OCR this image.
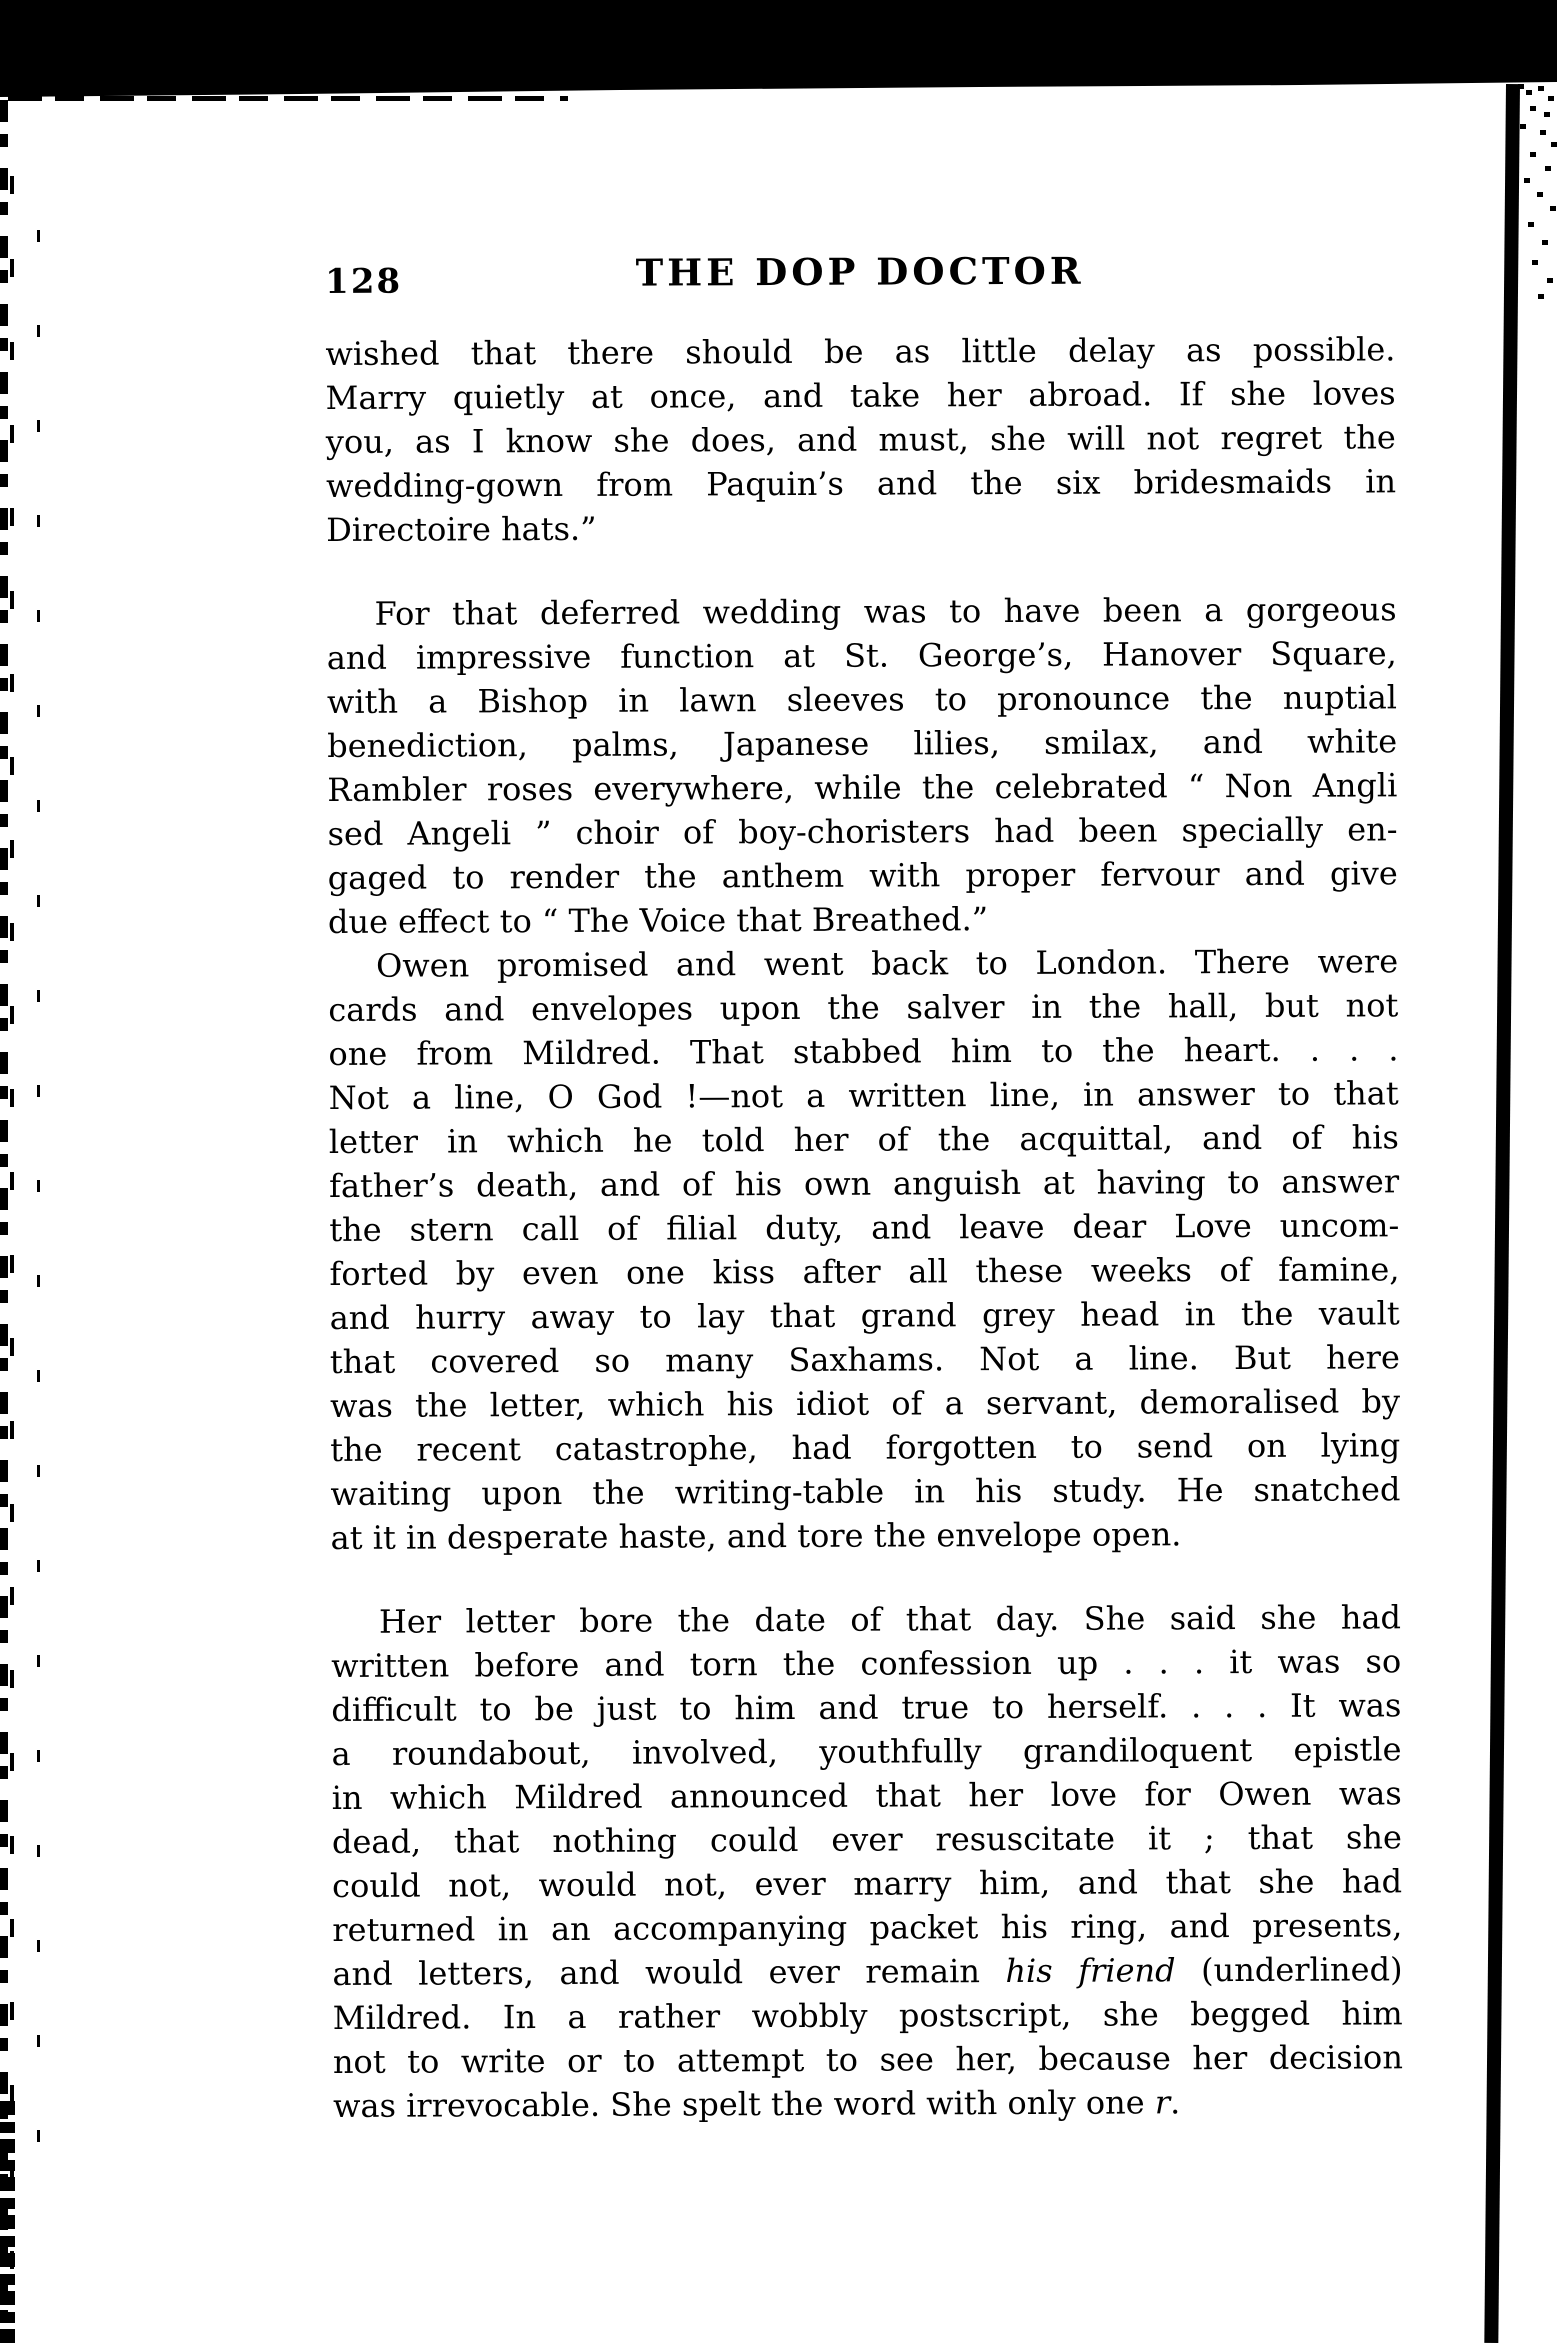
128	THE DOP DOCTOR
wished that there should be as little delay as possible.
Marry quietly at once, and take her abroad. If she loves
you, as I know she does, and must, she will not regret the
wedding-gown from Paquin’s and the six bridesmaids in
Directoire hats.”
For that deferred wedding was to have been a gorgeous
and impressive function at St. George’s, Hanover Square,
with a Bishop in lawn sleeves to pronounce the nuptial
benediction, palms, Japanese lilies, smilax, and white
Rambler roses everywhere, while the celebrated “ Non Angli
sed Angeli ” choir of boy-choristers had been specially en-
gaged to render the anthem with proper fervour and give
due effect to “ The Voice that Breathed.”
Owen promised and went back to London. There were
cards and envelopes upon the salver in the hall, but not
one from Mildred. That stabbed him to the heart. . . .
Not a line, O God !—not a written line, in answer to that
letter in which he told her of the acquittal, and of his
father’s death, and of his own anguish at having to answer
the stern call of filial duty, and leave dear Love uncom-
forted by even one kiss after all these weeks of famine,
and hurry away to lay that grand grey head in the vault
that covered so many Saxhams. Not a line. But here
was the letter, which his idiot of a servant, demoralised by
the recent catastrophe, had forgotten to send on lying
waiting upon the writing-table in his study. He snatched
at it in desperate haste, and tore the envelope open.
Her letter bore the date of that day. She said she had
written before and torn the confession up . . . it was so
difficult to be just to him and true to herself. . . . It was
a roundabout, involved, youthfully grandiloquent epistle
in which Mildred announced that her love for Owen was
dead, that nothing could ever resuscitate it ; that she
could not, would not, ever marry him, and that she had
returned in an accompanying packet his ring, and presents,
and letters, and would ever remain his friend (underlined)
Mildred. In a rather wobbly postscript, she begged him
not to write or to attempt to see her, because her decision
was irrevocable. She spelt the word with only one r.
